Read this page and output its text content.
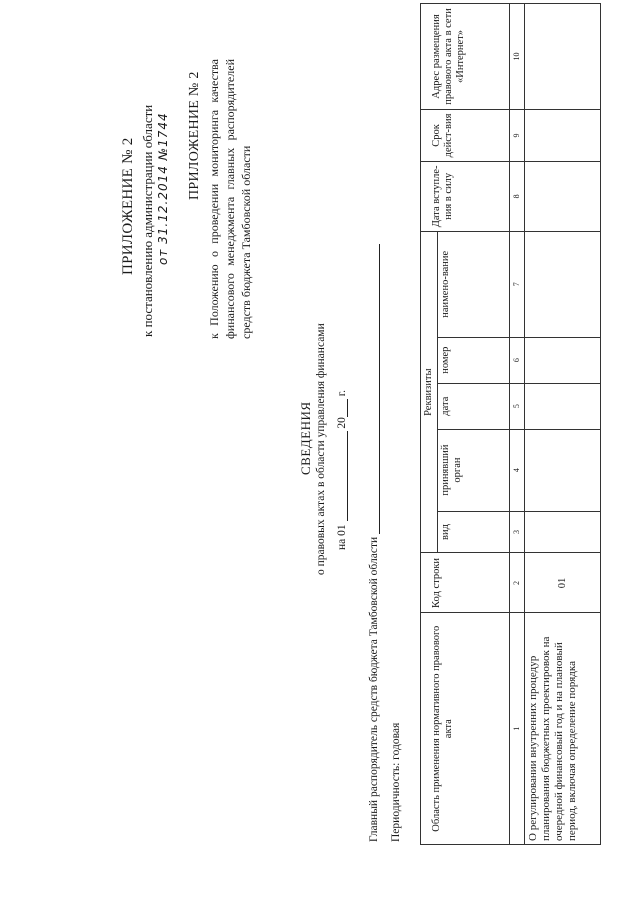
ПРИЛОЖЕНИЕ № 2 к постановлению администрации области от 31.12.2014 №1744 ПРИЛОЖЕНИЕ № 2 к Положению о проведении мониторинга качества финансового менеджмента главных распорядителей средств бюджета Тамбовской области
СВЕДЕНИЯ о правовых актах в области управления финансами на 01  20 г.
Главный распорядитель средств бюджета Тамбовской области Периодичность: годовая	Область применения нормативного правового акта	Код строки	Реквизиты					Дата вступле-ния в силу	Срок дейст-вия	Адрес размещения правового акта в сети «Интернет»
		вид	принявший орган	дата	номер	наимено-вание			
1	2	3	4	5	6	7	8	9	10
О регулировании внутренних процедур планирования бюджетных проектировок на очередной финансовый год и на плановый период, включая определение порядка	01								
